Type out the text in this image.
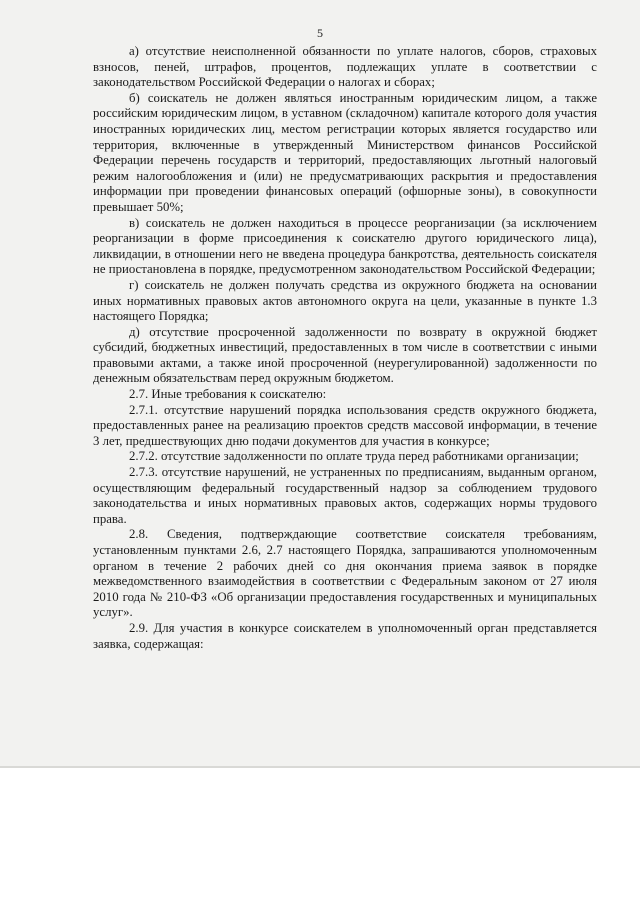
5

а) отсутствие неисполненной обязанности по уплате налогов, сборов, страховых взносов, пеней, штрафов, процентов, подлежащих уплате в соответствии с законодательством Российской Федерации о налогах и сборах;

б) соискатель не должен являться иностранным юридическим лицом, а также российским юридическим лицом, в уставном (складочном) капитале которого доля участия иностранных юридических лиц, местом регистрации которых является государство или территория, включенные в утвержденный Министерством финансов Российской Федерации перечень государств и территорий, предоставляющих льготный налоговый режим налогообложения и (или) не предусматривающих раскрытия и предоставления информации при проведении финансовых операций (офшорные зоны), в совокупности превышает 50%;

в) соискатель не должен находиться в процессе реорганизации (за исключением реорганизации в форме присоединения к соискателю другого юридического лица), ликвидации, в отношении него не введена процедура банкротства, деятельность соискателя не приостановлена в порядке, предусмотренном законодательством Российской Федерации;

г) соискатель не должен получать средства из окружного бюджета на основании иных нормативных правовых актов автономного округа на цели, указанные в пункте 1.3 настоящего Порядка;

д) отсутствие просроченной задолженности по возврату в окружной бюджет субсидий, бюджетных инвестиций, предоставленных в том числе в соответствии с иными правовыми актами, а также иной просроченной (неурегулированной) задолженности по денежным обязательствам перед окружным бюджетом.

2.7. Иные требования к соискателю:

2.7.1. отсутствие нарушений порядка использования средств окружного бюджета, предоставленных ранее на реализацию проектов средств массовой информации, в течение 3 лет, предшествующих дню подачи документов для участия в конкурсе;

2.7.2. отсутствие задолженности по оплате труда перед работниками организации;

2.7.3. отсутствие нарушений, не устраненных по предписаниям, выданным органом, осуществляющим федеральный государственный надзор за соблюдением трудового законодательства и иных нормативных правовых актов, содержащих нормы трудового права.

2.8. Сведения, подтверждающие соответствие соискателя требованиям, установленным пунктами 2.6, 2.7 настоящего Порядка, запрашиваются уполномоченным органом в течение 2 рабочих дней со дня окончания приема заявок в порядке межведомственного взаимодействия в соответствии с Федеральным законом от 27 июля 2010 года № 210-ФЗ «Об организации предоставления государственных и муниципальных услуг».

2.9. Для участия в конкурсе соискателем в уполномоченный орган представляется заявка, содержащая:
